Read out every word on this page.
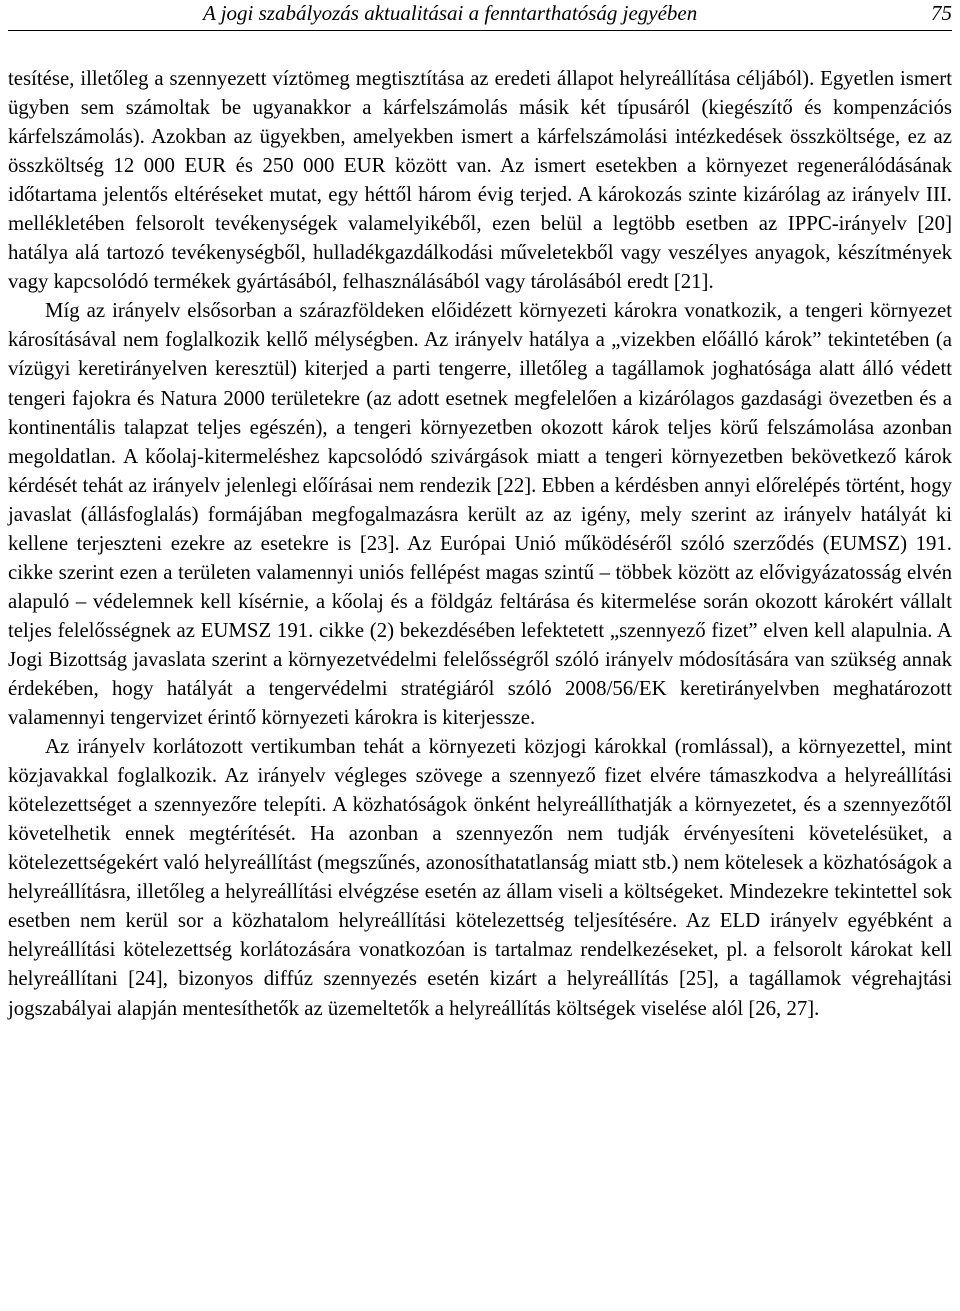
A jogi szabályozás aktualitásai a fenntarthatóság jegyében	75

tesítése, illetőleg a szennyezett víztömeg megtisztítása az eredeti állapot helyreállítása céljából). Egyetlen ismert ügyben sem számoltak be ugyanakkor a kárfelszámolás másik két típusáról (kiegészítő és kompenzációs kárfelszámolás). Azokban az ügyekben, amelyekben ismert a kárfelszámolási intézkedések összköltsége, ez az összköltség 12 000 EUR és 250 000 EUR között van. Az ismert esetekben a környezet regenerálódásának időtartama jelentős eltéréseket mutat, egy héttől három évig terjed. A károkozás szinte kizárólag az irányelv III. mellékletében felsorolt tevékenységek valamelyikéből, ezen belül a legtöbb esetben az IPPC-irányelv [20] hatálya alá tartozó tevékenységből, hulladékgazdálkodási műveletekből vagy veszélyes anyagok, készítmények vagy kapcsolódó termékek gyártásából, felhasználásából vagy tárolásából eredt [21].

Míg az irányelv elsősorban a szárazföldeken előidézett környezeti károkra vonatkozik, a tengeri környezet károsításával nem foglalkozik kellő mélységben. Az irányelv hatálya a „vizekben előálló károk” tekintetében (a vízügyi keretirányelven keresztül) kiterjed a parti tengerre, illetőleg a tagállamok joghatósága alatt álló védett tengeri fajokra és Natura 2000 területekre (az adott esetnek megfelelően a kizárólagos gazdasági övezetben és a kontinentális talapzat teljes egészén), a tengeri környezetben okozott károk teljes körű felszámolása azonban megoldatlan. A kőolaj-kitermeléshez kapcsolódó szivárgások miatt a tengeri környezetben bekövetkező károk kérdését tehát az irányelv jelenlegi előírásai nem rendezik [22]. Ebben a kérdésben annyi előrelépés történt, hogy javaslat (állásfoglalás) formájában megfogalmazásra került az az igény, mely szerint az irányelv hatályát ki kellene terjeszteni ezekre az esetekre is [23]. Az Európai Unió működéséről szóló szerződés (EUMSZ) 191. cikke szerint ezen a területen valamennyi uniós fellépést magas szintű – többek között az elővigyázatosság elvén alapuló – védelemnek kell kísérnie, a kőolaj és a földgáz feltárása és kitermelése során okozott károkért vállalt teljes felelősségnek az EUMSZ 191. cikke (2) bekezdésében lefektetett „szennyező fizet” elven kell alapulnia. A Jogi Bizottság javaslata szerint a környezetvédelmi felelősségről szóló irányelv módosítására van szükség annak érdekében, hogy hatályát a tengervédelmi stratégiáról szóló 2008/56/EK keretirányelvben meghatározott valamennyi tengervizet érintő környezeti károkra is kiterjessze.

Az irányelv korlátozott vertikumban tehát a környezeti közjogi károkkal (romlással), a környezettel, mint közjavakkal foglalkozik. Az irányelv végleges szövege a szennyező fizet elvére támaszkodva a helyreállítási kötelezettséget a szennyezőre telepíti. A közhatóságok önként helyreállíthatják a környezetet, és a szennyezőtől követelhetik ennek megtérítését. Ha azonban a szennyezőn nem tudják érvényesíteni követelésüket, a kötelezettségekért való helyreállítást (megszűnés, azonosíthatatlanság miatt stb.) nem kötelesek a közhatóságok a helyreállításra, illetőleg a helyreállítási elvégzése esetén az állam viseli a költségeket. Mindezekre tekintettel sok esetben nem kerül sor a közhatalom helyreállítási kötelezettség teljesítésére. Az ELD irányelv egyébként a helyreállítási kötelezettség korlátozására vonatkozóan is tartalmaz rendelkezéseket, pl. a felsorolt károkat kell helyreállítani [24], bizonyos diffúz szennyezés esetén kizárt a helyreállítás [25], a tagállamok végrehajtási jogszabályai alapján mentesíthetők az üzemeltetők a helyreállítás költségek viselése alól [26, 27].
